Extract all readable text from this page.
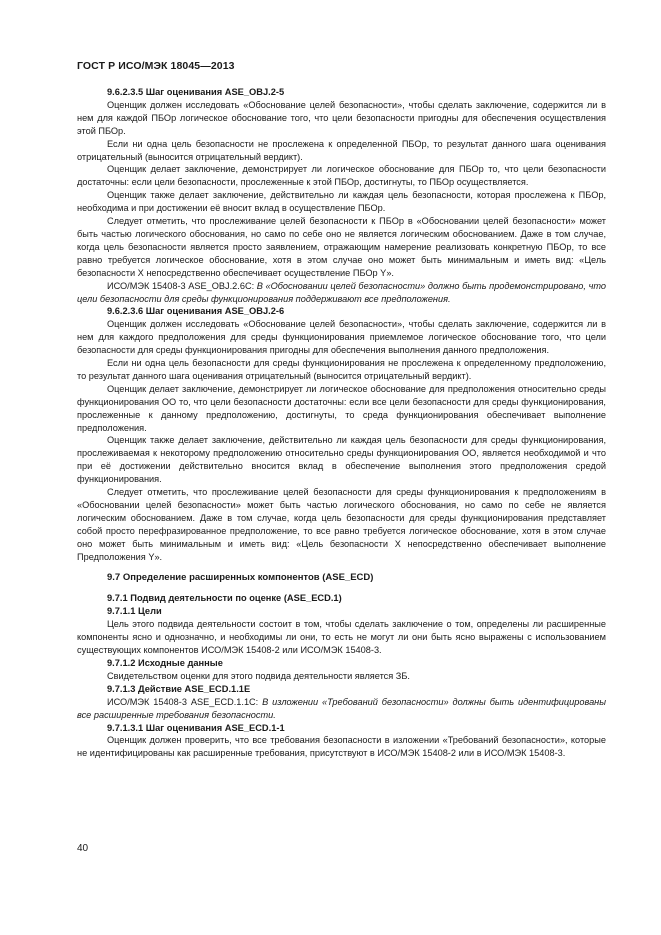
ГОСТ Р ИСО/МЭК 18045—2013
9.6.2.3.5 Шаг оценивания ASE_OBJ.2-5

Оценщик должен исследовать «Обоснование целей безопасности», чтобы сделать заключение, содержится ли в нем для каждой ПБОр логическое обоснование того, что цели безопасности пригодны для обеспечения осуществления этой ПБОр.

Если ни одна цель безопасности не прослежена к определенной ПБОр, то результат данного шага оценивания отрицательный (выносится отрицательный вердикт).

Оценщик делает заключение, демонстрирует ли логическое обоснование для ПБОр то, что цели безопасности достаточны: если цели безопасности, прослеженные к этой ПБОр, достигнуты, то ПБОр осуществляется.

Оценщик также делает заключение, действительно ли каждая цель безопасности, которая прослежена к ПБОр, необходима и при достижении её вносит вклад в осуществление ПБОр.

Следует отметить, что прослеживание целей безопасности к ПБОр в «Обосновании целей безопасности» может быть частью логического обоснования, но само по себе оно не является логическим обоснованием. Даже в том случае, когда цель безопасности является просто заявлением, отражающим намерение реализовать конкретную ПБОр, то все равно требуется логическое обоснование, хотя в этом случае оно может быть минимальным и иметь вид: «Цель безопасности X непосредственно обеспечивает осуществление ПБОр Y».

ИСО/МЭК 15408-3 ASE_OBJ.2.6С: В «Обосновании целей безопасности» должно быть продемонстрировано, что цели безопасности для среды функционирования поддерживают все предположения.

9.6.2.3.6 Шаг оценивания ASE_OBJ.2-6

Оценщик должен исследовать «Обоснование целей безопасности», чтобы сделать заключение, содержится ли в нем для каждого предположения для среды функционирования приемлемое логическое обоснование того, что цели безопасности для среды функционирования пригодны для обеспечения выполнения данного предположения.

Если ни одна цель безопасности для среды функционирования не прослежена к определенному предположению, то результат данного шага оценивания отрицательный (выносится отрицательный вердикт).

Оценщик делает заключение, демонстрирует ли логическое обоснование для предположения относительно среды функционирования ОО то, что цели безопасности достаточны: если все цели безопасности для среды функционирования, прослеженные к данному предположению, достигнуты, то среда функционирования обеспечивает выполнение предположения.

Оценщик также делает заключение, действительно ли каждая цель безопасности для среды функционирования, прослеживаемая к некоторому предположению относительно среды функционирования ОО, является необходимой и что при её достижении действительно вносится вклад в обеспечение выполнения этого предположения средой функционирования.

Следует отметить, что прослеживание целей безопасности для среды функционирования к предположениям в «Обосновании целей безопасности» может быть частью логического обоснования, но само по себе не является логическим обоснованием. Даже в том случае, когда цель безопасности для среды функционирования представляет собой просто перефразированное предположение, то все равно требуется логическое обоснование, хотя в этом случае оно может быть минимальным и иметь вид: «Цель безопасности X непосредственно обеспечивает выполнение Предположения Y».

9.7 Определение расширенных компонентов (ASE_ECD)
9.7.1 Подвид деятельности по оценке (ASE_ECD.1)
9.7.1.1 Цели

Цель этого подвида деятельности состоит в том, чтобы сделать заключение о том, определены ли расширенные компоненты ясно и однозначно, и необходимы ли они, то есть не могут ли они быть ясно выражены с использованием существующих компонентов ИСО/МЭК 15408-2 или ИСО/МЭК 15408-3.

9.7.1.2 Исходные данные

Свидетельством оценки для этого подвида деятельности является ЗБ.

9.7.1.3 Действие ASE_ECD.1.1Е

ИСО/МЭК 15408-3 ASE_ECD.1.1C: В изложении «Требований безопасности» должны быть идентифицированы все расширенные требования безопасности.

9.7.1.3.1 Шаг оценивания ASE_ECD.1-1

Оценщик должен проверить, что все требования безопасности в изложении «Требований безопасности», которые не идентифицированы как расширенные требования, присутствуют в ИСО/МЭК 15408-2 или в ИСО/МЭК 15408-3.

40
